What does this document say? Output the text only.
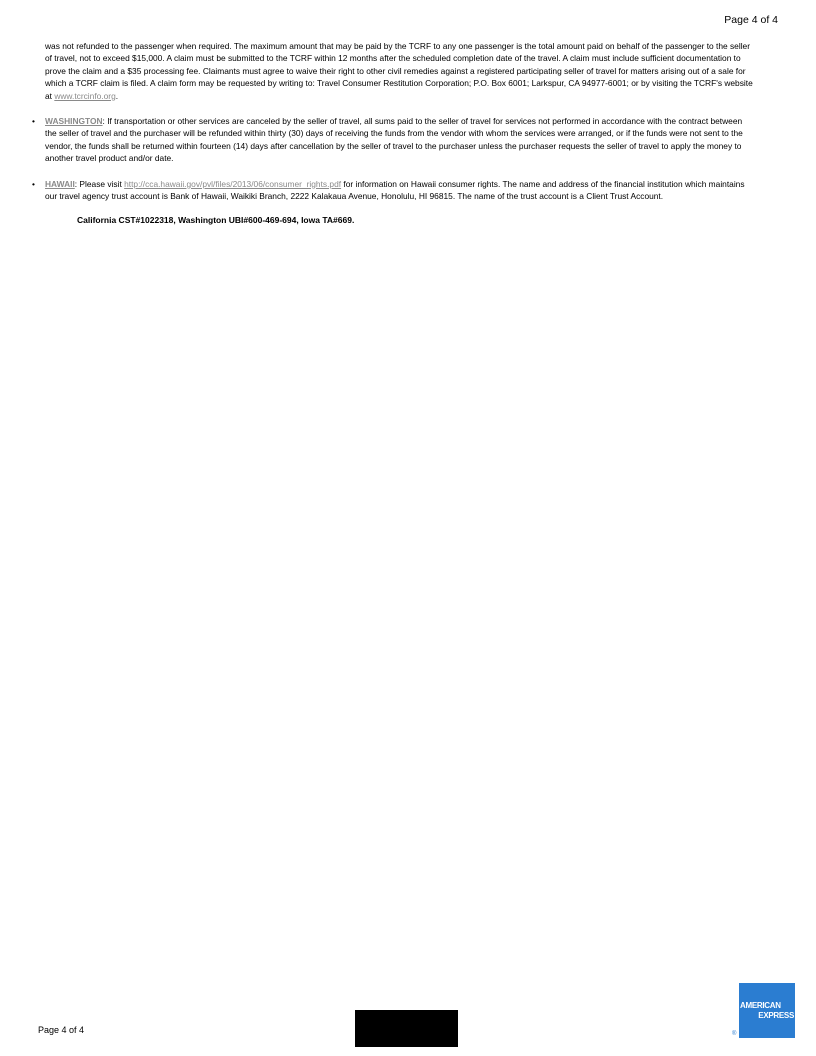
Page 4 of 4

was not refunded to the passenger when required. The maximum amount that may be paid by the TCRF to any one passenger is the total amount paid on behalf of the passenger to the seller of travel, not to exceed $15,000. A claim must be submitted to the TCRF within 12 months after the scheduled completion date of the travel. A claim must include sufficient documentation to prove the claim and a $35 processing fee. Claimants must agree to waive their right to other civil remedies against a registered participating seller of travel for matters arising out of a sale for which a TCRF claim is filed. A claim form may be requested by writing to: Travel Consumer Restitution Corporation; P.O. Box 6001; Larkspur, CA 94977-6001; or by visiting the TCRF's website at www.tcrcinfo.org.

• WASHINGTON: If transportation or other services are canceled by the seller of travel, all sums paid to the seller of travel for services not performed in accordance with the contract between the seller of travel and the purchaser will be refunded within thirty (30) days of receiving the funds from the vendor with whom the services were arranged, or if the funds were not sent to the vendor, the funds shall be returned within fourteen (14) days after cancellation by the seller of travel to the purchaser unless the purchaser requests the seller of travel to apply the money to another travel product and/or date.
• HAWAII: Please visit http://cca.hawaii.gov/pvl/files/2013/06/consumer_rights.pdf for information on Hawaii consumer rights. The name and address of the financial institution which maintains our travel agency trust account is Bank of Hawaii, Waikiki Branch, 2222 Kalakaua Avenue, Honolulu, HI 96815. The name of the trust account is a Client Trust Account.
California CST#1022318, Washington UBI#600-469-694, Iowa TA#669.
Page 4 of 4
AMERICAN
EXPRESS
®
